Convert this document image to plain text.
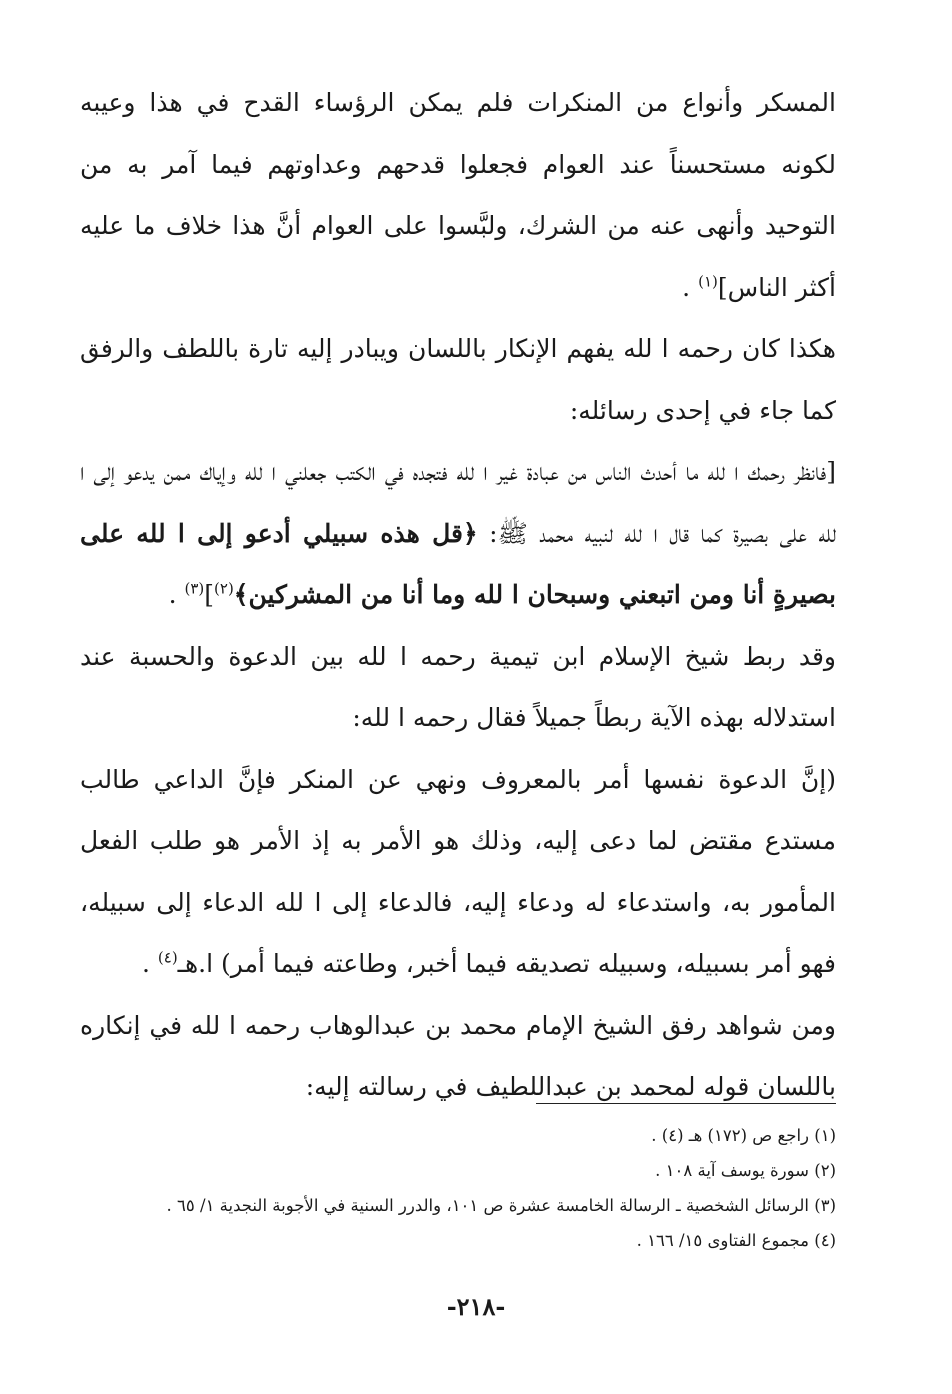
المسكر وأنواع من المنكرات فلم يمكن الرؤساء القدح في هذا وعيبه لكونه مستحسناً عند العوام فجعلوا قدحهم وعداوتهم فيما آمر به من التوحيد وأنهى عنه من الشرك، ولبَّسوا على العوام أنَّ هذا خلاف ما عليه أكثر الناس]$^{(١)}$ .

هكذا كان رحمه ا لله يفهم الإنكار باللسان ويبادر إليه تارة باللطف والرفق كما جاء في إحدى رسائله:

[فانظر رحمك ا لله ما أحدث الناس من عبادة غير ا لله فتجده في الكتب جعلني ا لله وإياك ممن يدعو إلى ا لله على بصيرة كما قال ا لله لنبيه محمد ﷺ: ﴿قل هذه سبيلي أدعو إلى ا لله على بصيرةٍ أنا ومن اتبعني وسبحان ا لله وما أنا من المشركين﴾$^{(٢)}$]$^{(٣)}$ .

وقد ربط شيخ الإسلام ابن تيمية رحمه ا لله بين الدعوة والحسبة عند استدلاله بهذه الآية ربطاً جميلاً فقال رحمه ا لله:

(إنَّ الدعوة نفسها أمر بالمعروف ونهي عن المنكر فإنَّ الداعي طالب مستدع مقتض لما دعى إليه، وذلك هو الأمر به إذ الأمر هو طلب الفعل المأمور به، واستدعاء له ودعاء إليه، فالدعاء إلى ا لله الدعاء إلى سبيله، فهو أمر بسبيله، وسبيله تصديقه فيما أخبر، وطاعته فيما أمر) ا.هـ$^{(٤)}$ .

ومن شواهد رفق الشيخ الإمام محمد بن عبدالوهاب رحمه ا لله في إنكاره باللسان قوله لمحمد بن عبداللطيف في رسالته إليه:

(١) راجع ص (١٧٢) هـ (٤) .

(٢) سورة يوسف آية ١٠٨ .

(٣) الرسائل الشخصية ـ الرسالة الخامسة عشرة ص ١٠١، والدرر السنية في الأجوبة النجدية ١/ ٦٥ .

(٤) مجموع الفتاوى ١٥/ ١٦٦ .

-٢١٨-
